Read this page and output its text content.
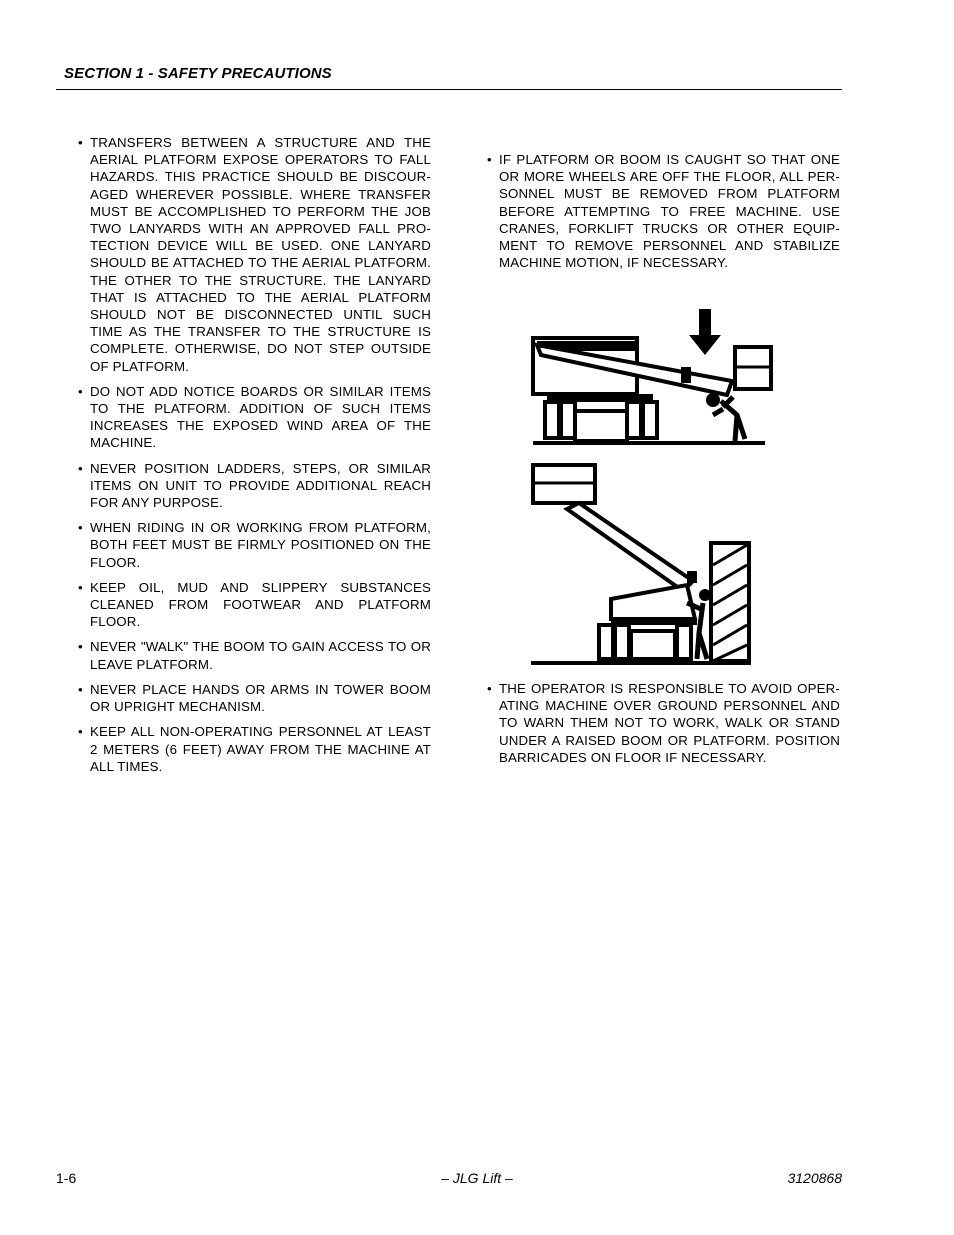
SECTION 1 - SAFETY PRECAUTIONS
• TRANSFERS BETWEEN A STRUCTURE AND THE AERIAL PLATFORM EXPOSE OPERATORS TO FALL HAZARDS. THIS PRACTICE SHOULD BE DISCOUR-AGED WHEREVER POSSIBLE. WHERE TRANSFER MUST BE ACCOMPLISHED TO PERFORM THE JOB TWO LANYARDS WITH AN APPROVED FALL PRO-TECTION DEVICE WILL BE USED. ONE LANYARD SHOULD BE ATTACHED TO THE AERIAL PLATFORM. THE OTHER TO THE STRUCTURE. THE LANYARD THAT IS ATTACHED TO THE AERIAL PLATFORM SHOULD NOT BE DISCONNECTED UNTIL SUCH TIME AS THE TRANSFER TO THE STRUCTURE IS COMPLETE. OTHERWISE, DO NOT STEP OUTSIDE OF PLATFORM.
• DO NOT ADD NOTICE BOARDS OR SIMILAR ITEMS TO THE PLATFORM. ADDITION OF SUCH ITEMS INCREASES THE EXPOSED WIND AREA OF THE MACHINE.
• NEVER POSITION LADDERS, STEPS, OR SIMILAR ITEMS ON UNIT TO PROVIDE ADDITIONAL REACH FOR ANY PURPOSE.
• WHEN RIDING IN OR WORKING FROM PLATFORM, BOTH FEET MUST BE FIRMLY POSITIONED ON THE FLOOR.
• KEEP OIL, MUD AND SLIPPERY SUBSTANCES CLEANED FROM FOOTWEAR AND PLATFORM FLOOR.
• NEVER "WALK" THE BOOM TO GAIN ACCESS TO OR LEAVE PLATFORM.
• NEVER PLACE HANDS OR ARMS IN TOWER BOOM OR UPRIGHT MECHANISM.
• KEEP ALL NON-OPERATING PERSONNEL AT LEAST 2 METERS (6 FEET) AWAY FROM THE MACHINE AT ALL TIMES.
• IF PLATFORM OR BOOM IS CAUGHT SO THAT ONE OR MORE WHEELS ARE OFF THE FLOOR, ALL PER-SONNEL MUST BE REMOVED FROM PLATFORM BEFORE ATTEMPTING TO FREE MACHINE. USE CRANES, FORKLIFT TRUCKS OR OTHER EQUIP-MENT TO REMOVE PERSONNEL AND STABILIZE MACHINE MOTION, IF NECESSARY.
• THE OPERATOR IS RESPONSIBLE TO AVOID OPER-ATING MACHINE OVER GROUND PERSONNEL AND TO WARN THEM NOT TO WORK, WALK OR STAND UNDER A RAISED BOOM OR PLATFORM. POSITION BARRICADES ON FLOOR IF NECESSARY.
1-6	– JLG Lift –	3120868
